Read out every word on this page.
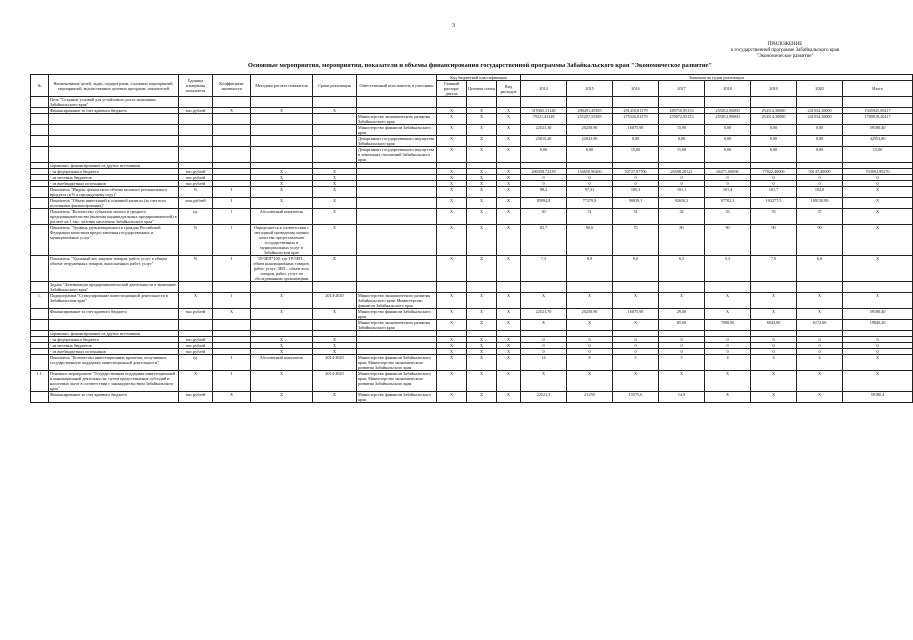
3
ПРИЛОЖЕНИЕ
к государственной программе Забайкальского края
"Экономическое развитие"
Основные мероприятия, мероприятия, показатели и объемы финансирования государственной программы Забайкальского края "Экономическое развитие"
№	Наименование целей, задач, подпрограмм, основных мероприятий, мероприятий, ведомственных целевых программ, показателей	Единица измерения показателя	Коэффициент значимости	Методика расчета показателя	Сроки реализации	Ответственный исполнитель и участники	Код бюджетной классификации			Значения по годам реализации							
							Главный распоря-дитель	Целевая статья	Вид расходов	2014	2015	2016	2017	2018	2019	2020	Итого
	Цель "Создание условий для устойчивого роста экономики Забайкальского края"																
	Финансирование за счет краевого бюджета	тыс.рублей	Х	Х	Х		Х	Х	Х	319365,31128	298491,45585	291410,81579	285710,95153	255812,90000	254114,30000	241034,10000	1945925,69417
						Министерство экономического развития Забайкальского края	Х	Х	Х	79321,41128	255257,55585	275326,81579	270072,95153	255812,90000	254114,30000	241034,10000	1780018,20417
						Министерство финансов Забайкальского края	Х	Х	Х	22521,30	20250,90	16075,90	15,90	0,00	0,00	0,00	59180,40
						Департамент государственного имущества Забайкальского края	Х	Х	Х	25015,20	22043,90	0,00	0,00	0,00	0,00	0,00	42553,80
						Департамент государственного имущества и земельных отношений Забайкальского края	Х	Х	Х	0,00	0,00	15,00	15,00	0,00	0,00	0,00	15,00
	справочно: финансирование из других источников																
	- из федерального бюджета	тыс.рублей		Х	Х		Х	Х	Х	200458,72239	154650,90200	50727,97700	26508,20121	66371,00000	77822,40000	50147,40000	703692,99270
	- из местных бюджетов	тыс.рублей		Х	Х		Х	Х	Х	0	0	0	0	0	0	0	0
	- из внебюджетных источников	тыс.рублей		Х	Х		Х	Х	Х	0	0	0	0	0	0	0	0
	Показатель "Индекс физического объема валового регионального продукта (в % к предыдущему году)"	%	1	Х	Х		Х	Х	Х	98,2	97,31	100,3	101,1	101,4	101,7	102,0	Х
	Показатель "Объем инвестиций в основной капитал (за счет всех источников финансирования)"	млн.рублей	1	Х	Х		Х	Х	Х	85994,8	77379,8	90039,1	92650,2	97702,3	103277,5	109130,89	Х
	Показатель "Количество субъектов малого и среднего предпринимательства (включая индивидуальных предпринимателей) в расчете на 1 тыс. человек населения Забайкальского края"	ед.	1	Абсолютный показатель	Х		Х	Х	Х	30	31	31	32	33	35	37	Х
	Показатель "Уровень удовлетворенности граждан Российской Федерации качеством предоставления государственных и муниципальных услуг"	%	1	Определяется в соответствии с методикой проведения оценки качества предоставления государственных и муниципальных услуг в Забайкальском крае	Х		Х	Х	Х	83,7	90,6	75	80	90	90	90	Х
	Показатель "Удельный вес закупок товаров, работ, услуг в общем объеме отгруженных товаров, выполненных работ, услуг"	%	1	ТР/ЗЕП*100, где ТР/ЗЕП – объем инновационных товаров, работ, услуг; ЗЕП – объем всех товаров, работ, услуг по обследованным организациям	Х		Х	Х	Х	7,3	8,9	9,0	6,5	5,3	7,0	6,8	Х
	Задача "Активизация предпринимательской деятельности в экономике Забайкальского края"																
1.	Подпрограмма "Стимулирование инвестиционной деятельности в Забайкальском крае"	Х	1	Х	2014-2020	Министерство экономического развития Забайкальского края; Министерство финансов Забайкальского края	Х	Х	Х	Х	Х	Х	Х	Х	Х	Х	Х
	Финансирование за счет краевого бюджета	тыс.рублей	Х	Х	Х	Министерство финансов Забайкальского края	Х	Х	Х	22521,70	20250,90	16075,90	29,00	Х	Х	Х	59180,40
						Министерство экономического развития Забайкальского края	Х	Х	Х	Х	Х	Х	85,00	7000,00	6043,00	6172,00	19840,20
	справочно: финансирование из других источников																
	- из федерального бюджета	тыс.рублей		Х	Х		Х	Х	Х	0	0	0	0	0	0	0	0
	- из местных бюджетов	тыс.рублей		Х	Х		Х	Х	Х	0	0	0	0	0	0	0	0
	- из внебюджетных источников	тыс.рублей		Х	Х		Х	Х	Х	0	0	0	0	0	0	0	0
	Показатель "Количество инвестиционных проектов, получивших государственную поддержку инвестиционной деятельности"	ед.	1	Абсолютный показатель	2014-2020	Министерство финансов Забайкальского края; Министерство экономического развития Забайкальского края	Х	Х	Х	14	8	5	5	4	4	4	Х
1.1.	Основное мероприятие "Государственная поддержка инвестиционной и инновационной деятельности, путем предоставления субсидий и налоговых льгот в соответствии с законодательством Забайкальского края"	Х	1	Х	2014-2020	Министерство финансов Забайкальского края; Министерство экономического развития Забайкальского края	Х	Х	Х	Х	Х	Х	Х	Х	Х	Х	Х
	Финансирование за счет краевого бюджета	тыс.рублей	Х	Х	Х	Министерство финансов Забайкальского края	Х	Х	Х	22521,3	21250	15575,6	14,9	Х	Х	Х	59180,4
